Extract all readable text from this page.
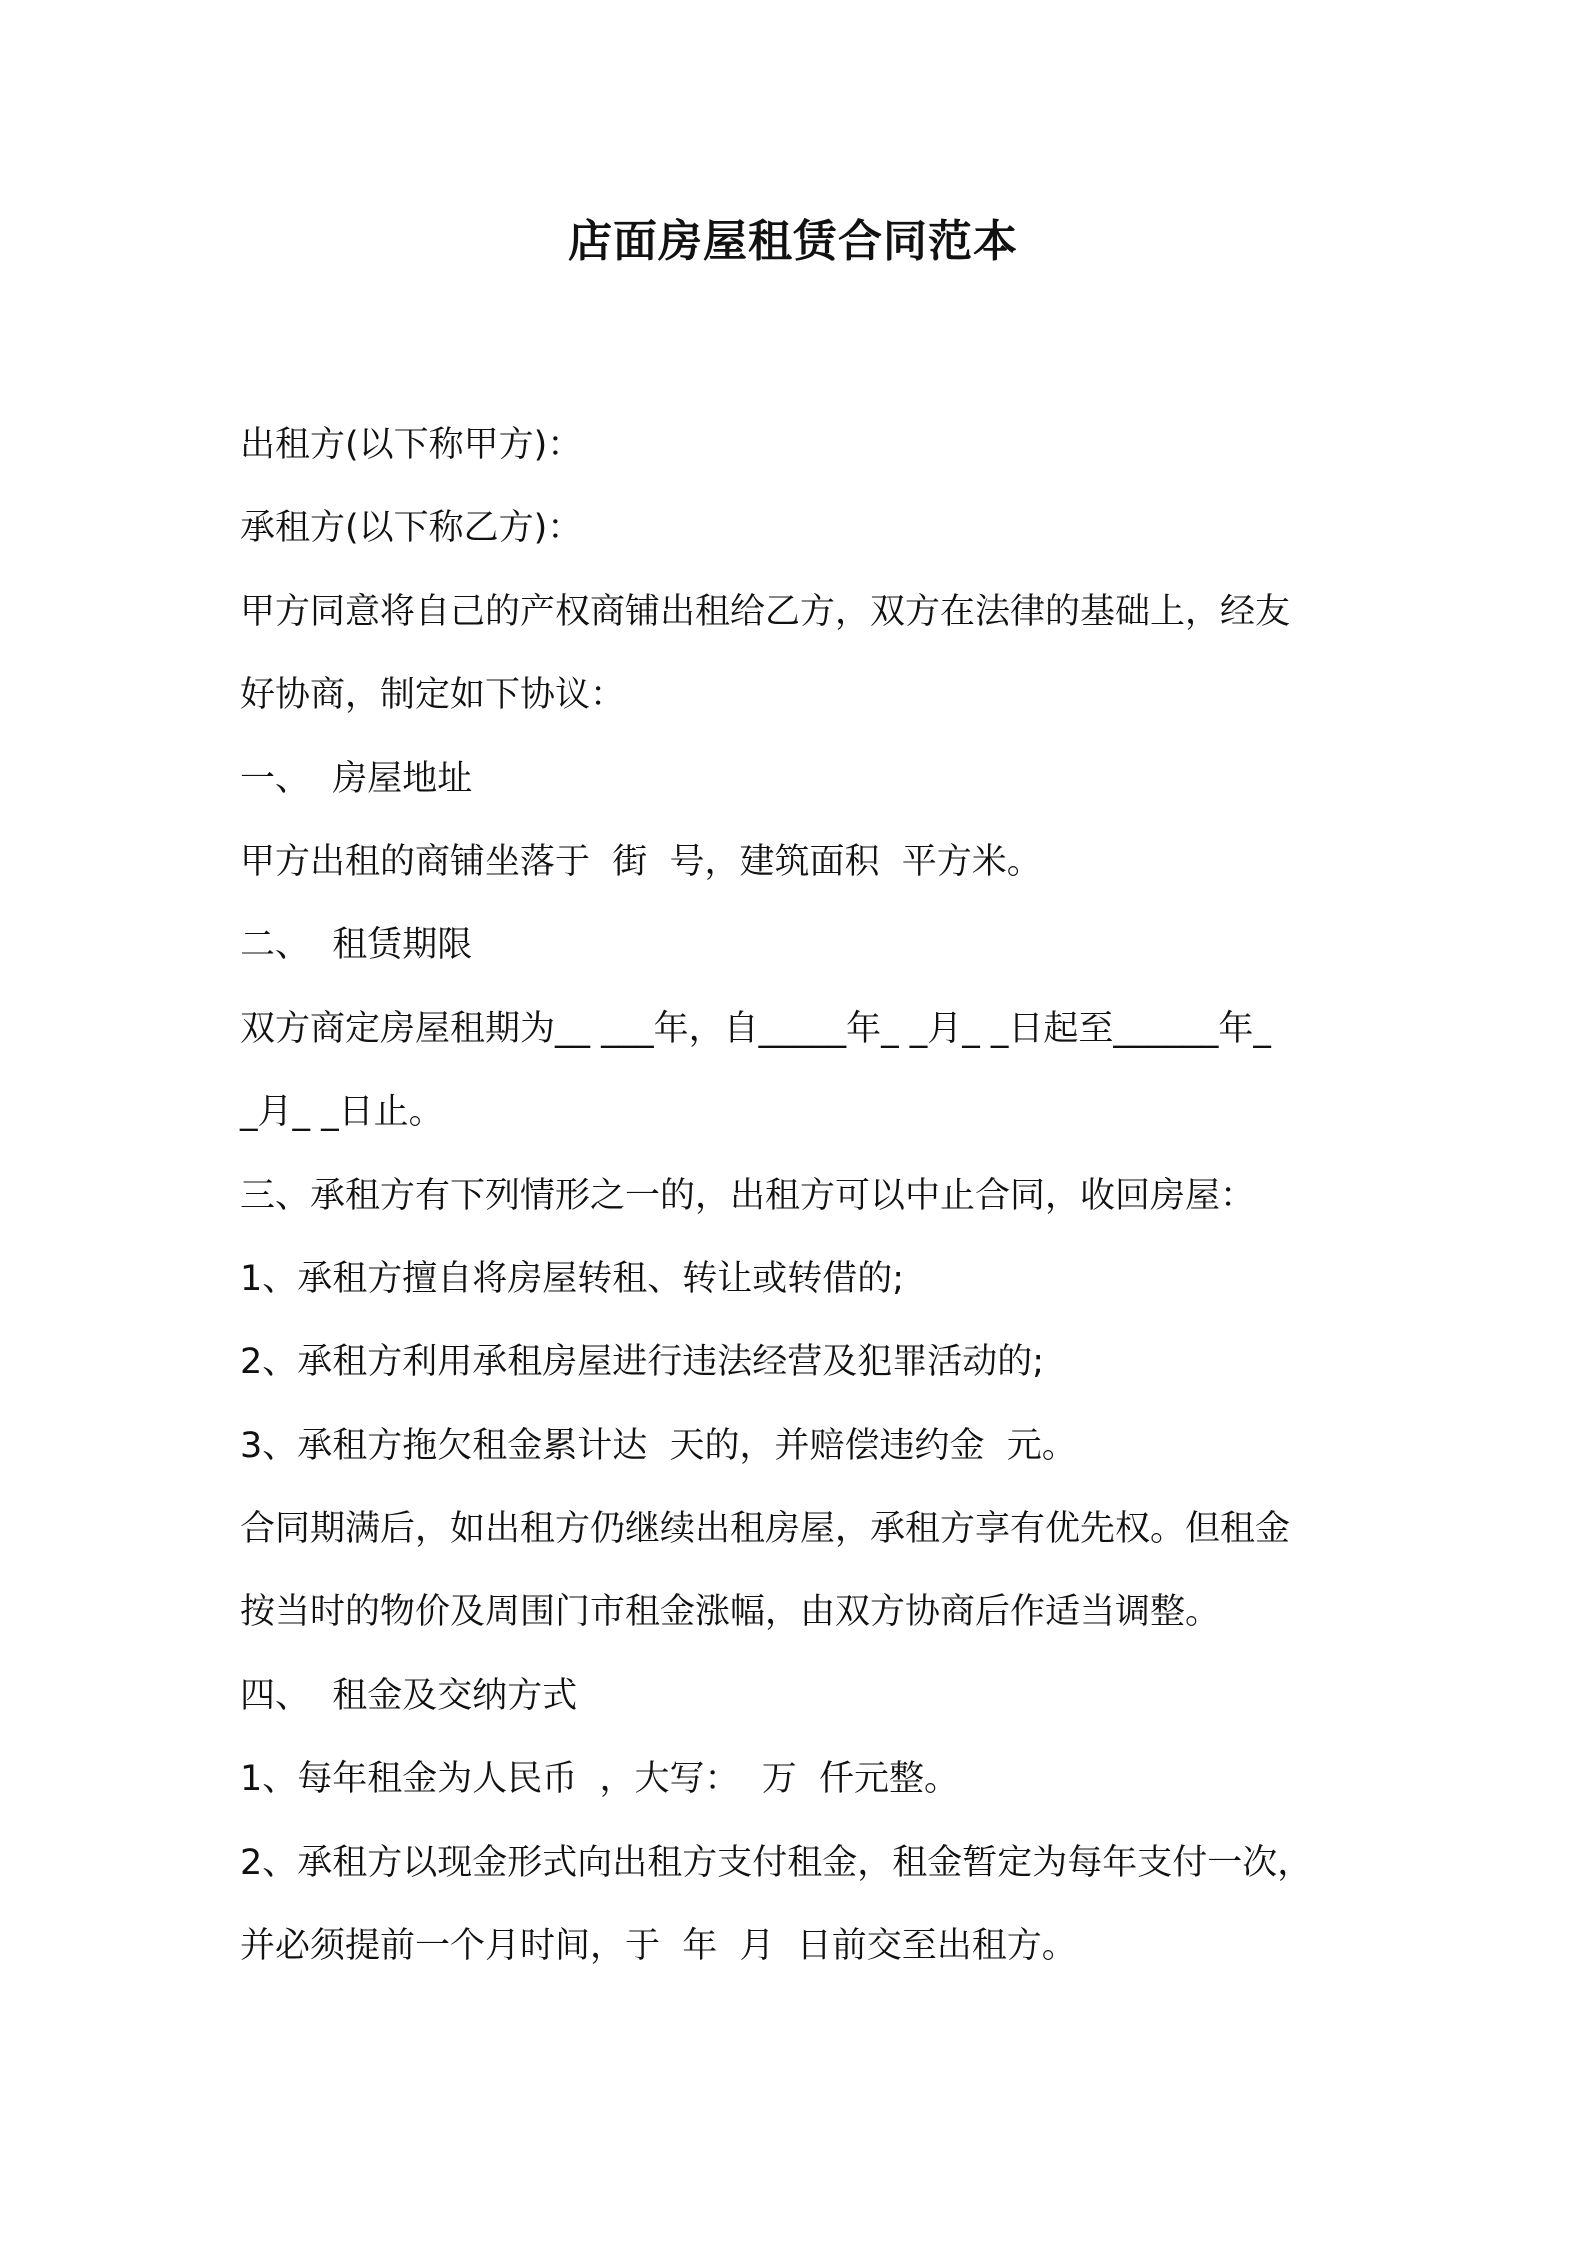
店面房屋租赁合同范本
出租方(以下称甲方)：
承租方(以下称乙方)：
甲方同意将自己的产权商铺出租给乙方，双方在法律的基础上，经友
好协商，制定如下协议：
一、  房屋地址
甲方出租的商铺坐落于  街  号，建筑面积  平方米。
二、  租赁期限
双方商定房屋租期为__ ___年，自_____年_ _月_ _日起至______年_
_月_ _日止。
三、承租方有下列情形之一的，出租方可以中止合同，收回房屋：
1、承租方擅自将房屋转租、转让或转借的;
2、承租方利用承租房屋进行违法经营及犯罪活动的;
3、承租方拖欠租金累计达  天的，并赔偿违约金  元。
合同期满后，如出租方仍继续出租房屋，承租方享有优先权。但租金
按当时的物价及周围门市租金涨幅，由双方协商后作适当调整。
四、  租金及交纳方式
1、每年租金为人民币  ，大写：  万  仟元整。
2、承租方以现金形式向出租方支付租金，租金暂定为每年支付一次，
并必须提前一个月时间，于  年  月  日前交至出租方。
